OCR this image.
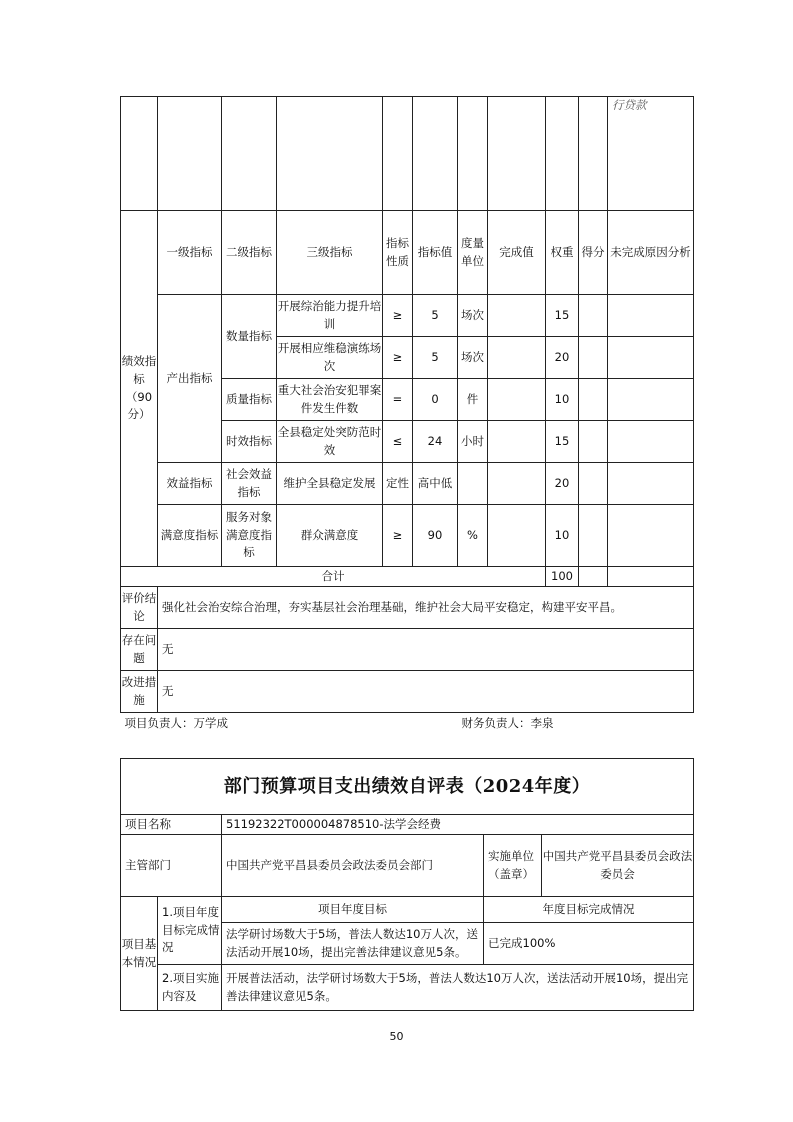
										行贷款
绩效指标（90分）	一级指标	二级指标	三级指标	指标性质	指标值	度量单位	完成值	权重	得分	未完成原因分析
	产出指标	数量指标	开展综治能力提升培训	≥	5	场次		15		
			开展相应维稳演练场次	≥	5	场次		20		
		质量指标	重大社会治安犯罪案件发生件数	=	0	件		10		
		时效指标	全县稳定处突防范时效	≤	24	小时		15		
	效益指标	社会效益指标	维护全县稳定发展	定性	高中低			20		
	满意度指标	服务对象满意度指标	群众满意度	≥	90	%		10		
合计								100		
评价结论	强化社会治安综合治理，夯实基层社会治理基础，维护社会大局平安稳定，构建平安平昌。									
存在问题	无									
改进措施	无									
项目负责人：万学成						财务负责人：李泉				
部门预算项目支出绩效自评表（2024年度）				
项目名称		51192322T000004878510-法学会经费		
主管部门		中国共产党平昌县委员会政法委员会部门	实施单位（盖章）	中国共产党平昌县委员会政法委员会
项目基本情况	1.项目年度目标完成情况	项目年度目标	年度目标完成情况	
		法学研讨场数大于5场，普法人数达10万人次，送法活动开展10场，提出完善法律建议意见5条。	已完成100%	
	2.项目实施内容及	开展普法活动，法学研讨场数大于5场，普法人数达10万人次，送法活动开展10场，提出完善法律建议意见5条。		
50
